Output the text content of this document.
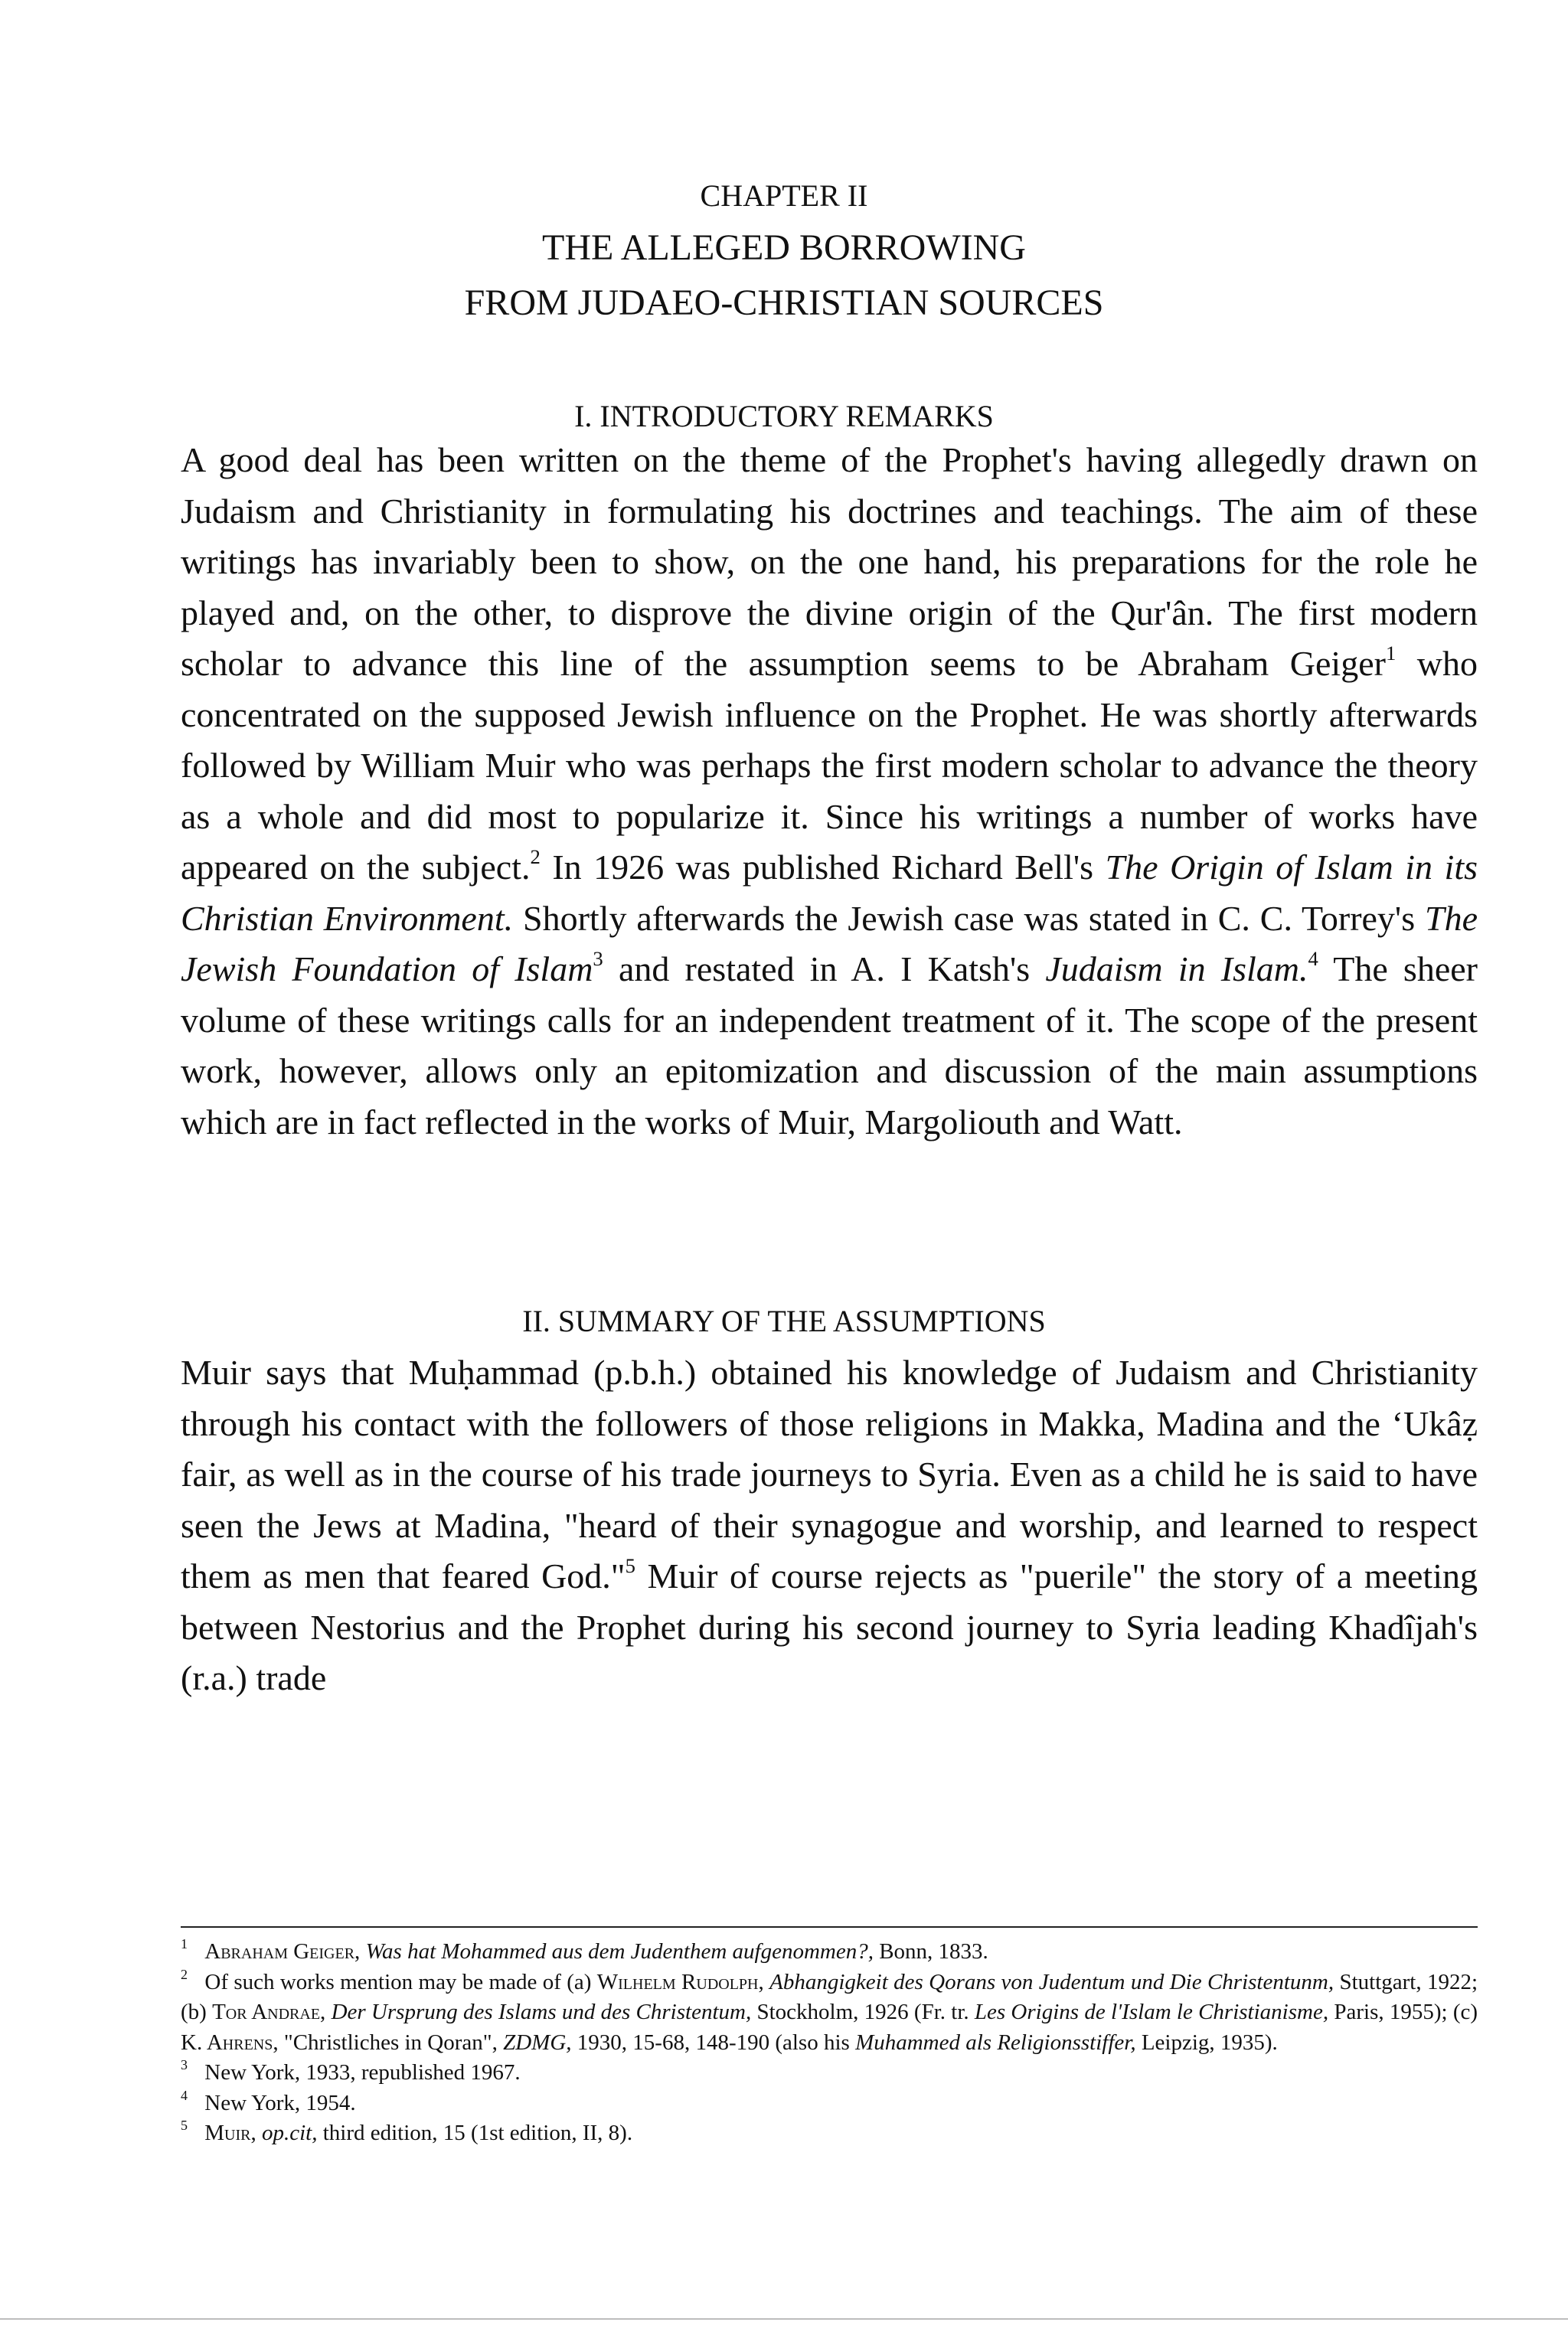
CHAPTER II
THE ALLEGED BORROWING
FROM JUDAEO-CHRISTIAN SOURCES
I. INTRODUCTORY REMARKS
A good deal has been written on the theme of the Prophet's having allegedly drawn on Judaism and Christianity in formulating his doctrines and teachings. The aim of these writings has invariably been to show, on the one hand, his preparations for the role he played and, on the other, to disprove the divine origin of the Qur'ân. The first modern scholar to advance this line of the assumption seems to be Abraham Geiger$^1$ who concentrated on the supposed Jewish influence on the Prophet. He was shortly afterwards followed by William Muir who was perhaps the first modern scholar to advance the theory as a whole and did most to popularize it. Since his writings a number of works have appeared on the subject.$^2$ In 1926 was published Richard Bell's The Origin of Islam in its Christian Environment. Shortly afterwards the Jewish case was stated in C. C. Torrey's The Jewish Foundation of Islam$^3$ and restated in A. I Katsh's Judaism in Islam.$^4$ The sheer volume of these writings calls for an independent treatment of it. The scope of the present work, however, allows only an epitomization and discussion of the main assumptions which are in fact reflected in the works of Muir, Margoliouth and Watt.
II. SUMMARY OF THE ASSUMPTIONS
Muir says that Muḥammad (p.b.h.) obtained his knowledge of Judaism and Christianity through his contact with the followers of those religions in Makka, Madina and the ‘Ukâẓ fair, as well as in the course of his trade journeys to Syria. Even as a child he is said to have seen the Jews at Madina, "heard of their synagogue and worship, and learned to respect them as men that feared God."$^5$ Muir of course rejects as "puerile" the story of a meeting between Nestorius and the Prophet during his second journey to Syria leading Khadîjah's (r.a.) trade
1 Abraham Geiger, Was hat Mohammed aus dem Judenthem aufgenommen?, Bonn, 1833.
2 Of such works mention may be made of (a) Wilhelm Rudolph, Abhangigkeit des Qorans von Judentum und Die Christentunm, Stuttgart, 1922; (b) Tor Andrae, Der Ursprung des Islams und des Christentum, Stockholm, 1926 (Fr. tr. Les Origins de l'Islam le Christianisme, Paris, 1955); (c) K. Ahrens, "Christliches in Qoran", ZDMG, 1930, 15-68, 148-190 (also his Muhammed als Religionsstiffer, Leipzig, 1935).
3 New York, 1933, republished 1967.
4 New York, 1954.
5 Muir, op.cit, third edition, 15 (1st edition, II, 8).
